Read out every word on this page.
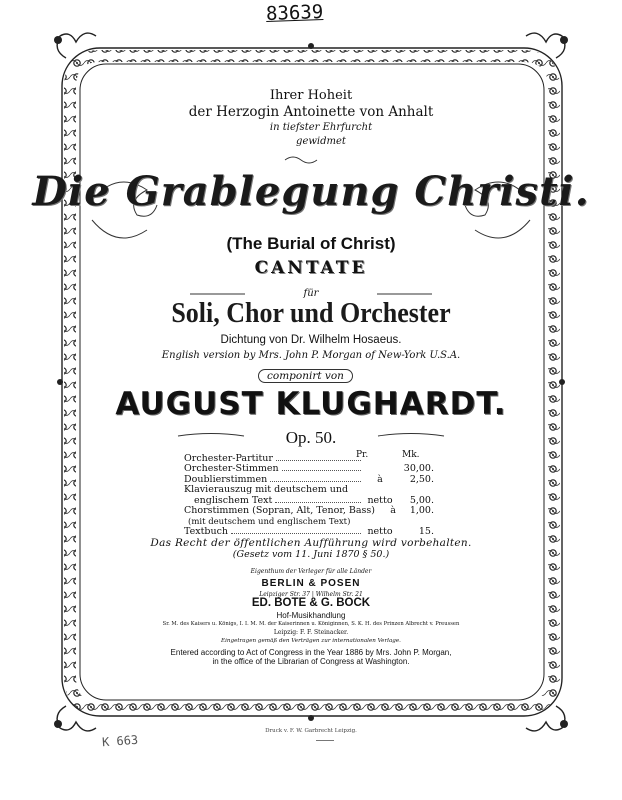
83639
Ihrer Hoheit
der Herzogin Antoinette von Anhalt
in tiefster Ehrfurcht
gewidmet
Die Grablegung Christi.
(The Burial of Christ)
CANTATE
für
Soli, Chor und Orchester
Dichtung von Dr. Wilhelm Hosaeus.
English version by Mrs. John P. Morgan of New-York U.S.A.
componirt von
AUGUST KLUGHARDT.
Op. 50.
Pr.	Mk.
Orchester-Partitur
Orchester-Stimmen	30,00.
Doublierstimmen	à	2,50.
Klavierauszug mit deutschem und
englischem Text	netto	5,00.
Chorstimmen (Sopran, Alt, Tenor, Bass)	à	1,00.
(mit deutschem und englischem Text)
Textbuch	netto	15.
Das Recht der öffentlichen Aufführung wird vorbehalten.
(Gesetz vom 11. Juni 1870 § 50.)
Eigenthum der Verleger für alle Länder
BERLIN & POSEN
Leipziger Str. 37 | Wilhelm Str. 21
ED. BOTE & G. BOCK
Hof-Musikhandlung
Sr. M. des Kaisers u. Königs, I. I. M. M. der Kaiserinnen u. Königinnen, S. K. H. des Prinzen Albrecht v. Preussen
Leipzig: F. F. Steinacker.
Eingetragen gemäß den Verträgen zur internationalen Verlage.
Entered according to Act of Congress in the Year 1886 by Mrs. John P. Morgan,
in the office of the Librarian of Congress at Washington.
Druck v. F. W. Garbrecht Leipzig.
K 663
